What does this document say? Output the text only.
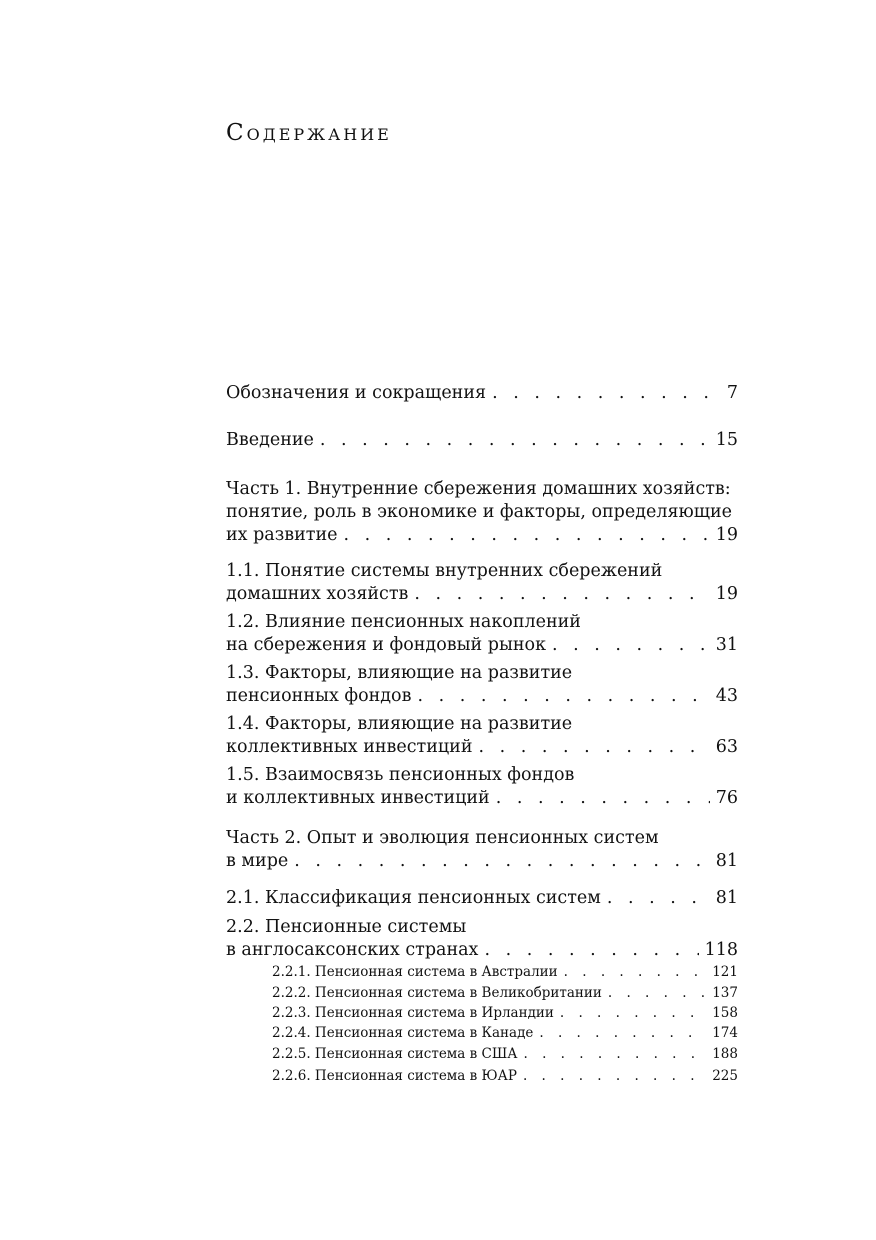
Содержание
Обозначения и сокращения . . .	7
Введение . . .	15
Часть 1. Внутренние сбережения домашних хозяйств:
понятие, роль в экономике и факторы, определяющие
их развитие . . .	19
1.1. Понятие системы внутренних сбережений
домашних хозяйств . . .	19
1.2. Влияние пенсионных накоплений
на сбережения и фондовый рынок . . .	31
1.3. Факторы, влияющие на развитие
пенсионных фондов . . .	43
1.4. Факторы, влияющие на развитие
коллективных инвестиций . . .	63
1.5. Взаимосвязь пенсионных фондов
и коллективных инвестиций . . .	76
Часть 2. Опыт и эволюция пенсионных систем
в мире . . .	81
2.1. Классификация пенсионных систем . . .	81
2.2. Пенсионные системы
в англосаксонских странах . . .	118
2.2.1. Пенсионная система в Австралии . . .	121
2.2.2. Пенсионная система в Великобритании . . .	137
2.2.3. Пенсионная система в Ирландии . . .	158
2.2.4. Пенсионная система в Канаде . . .	174
2.2.5. Пенсионная система в США . . .	188
2.2.6. Пенсионная система в ЮАР . . .	225
